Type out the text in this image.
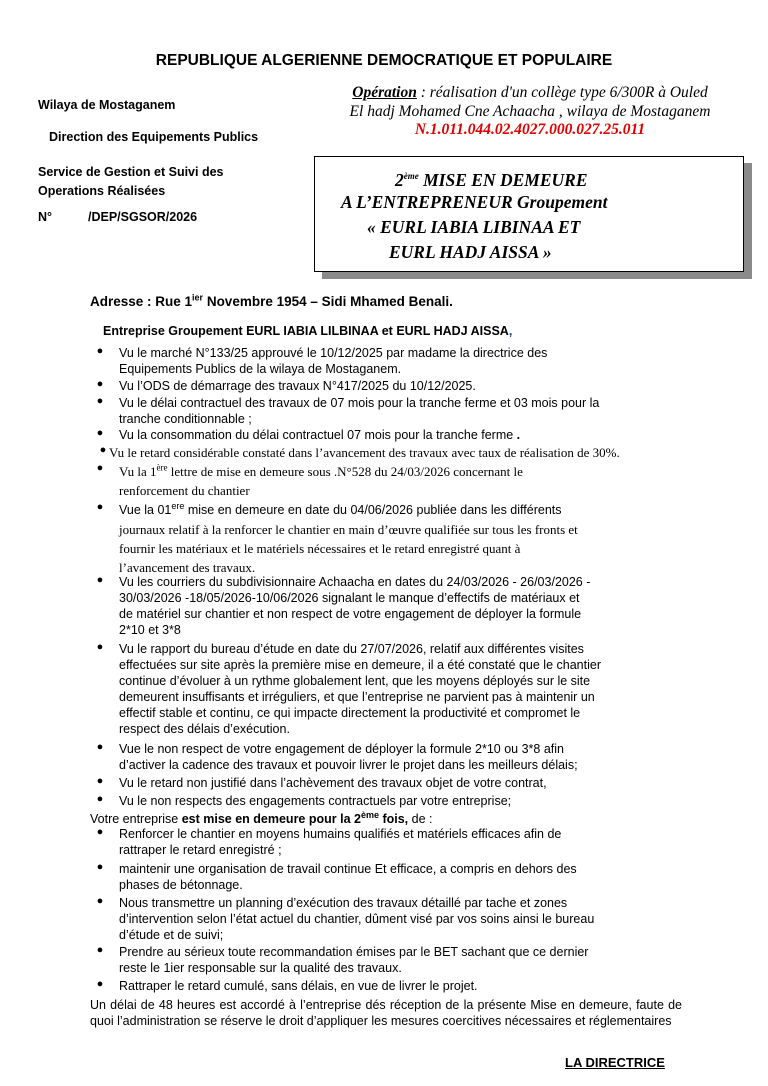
REPUBLIQUE ALGERIENNE DEMOCRATIQUE ET POPULAIRE
Wilaya de Mostaganem
Direction des Equipements Publics
Service de Gestion et Suivi des
Operations Réalisées
N°	/DEP/SGSOR/2026
Opération : réalisation d'un collège type 6/300R à Ouled
El hadj Mohamed Cne Achaacha , wilaya de Mostaganem
N.1.011.044.02.4027.000.027.25.011
2ème MISE EN DEMEURE
A L’ENTREPRENEUR Groupement
« EURL IABIA LIBINAA ET
EURL HADJ AISSA »
Adresse : Rue $1^{ier}$ Novembre 1954 – Sidi Mhamed Benali.
Entreprise Groupement EURL IABIA LILBINAA et EURL HADJ AISSA,
● Vu le marché N°133/25 approuvé le 10/12/2025 par madame la directrice des
Equipements Publics de la wilaya de Mostaganem.
● Vu l’ODS de démarrage des travaux N°417/2025 du 10/12/2025.
● Vu le délai contractuel des travaux de 07 mois pour la tranche ferme et 03 mois pour la
tranche conditionnable ;
● Vu la consommation du délai contractuel 07 mois pour la tranche ferme .
● Vu le retard considérable constaté dans l’avancement des travaux avec taux de réalisation de 30%.
● Vu la 1ère lettre de mise en demeure sous .N°528 du 24/03/2026 concernant le
renforcement du chantier
● Vue la 01ere mise en demeure en date du 04/06/2026 publiée dans les différents
journaux relatif à la renforcer le chantier en main d’œuvre qualifiée sur tous les fronts et
fournir les matériaux et le matériels nécessaires et le retard enregistré quant à
l’avancement des travaux.
● Vu les courriers du subdivisionnaire Achaacha en dates du 24/03/2026 - 26/03/2026 -
30/03/2026 -18/05/2026-10/06/2026 signalant le manque d’effectifs de matériaux et
de matériel sur chantier et non respect de votre engagement de déployer la formule
2*10 et 3*8
● Vu le rapport du bureau d’étude en date du 27/07/2026, relatif aux différentes visites
effectuées sur site après la première mise en demeure, il a été constaté que le chantier
continue d’évoluer à un rythme globalement lent, que les moyens déployés sur le site
demeurent insuffisants et irréguliers, et que l’entreprise ne parvient pas à maintenir un
effectif stable et continu, ce qui impacte directement la productivité et compromet le
respect des délais d’exécution.
● Vue le non respect de votre engagement de déployer la formule 2*10 ou 3*8 afin
d’activer la cadence des travaux et pouvoir livrer le projet dans les meilleurs délais;
● Vu le retard non justifié dans l’achèvement des travaux objet de votre contrat,
● Vu le non respects des engagements contractuels par votre entreprise;
Votre entreprise est mise en demeure pour la 2ème fois, de :
● Renforcer le chantier en moyens humains qualifiés et matériels efficaces afin de
rattraper le retard enregistré ;
● maintenir une organisation de travail continue Et efficace, a compris en dehors des
phases de bétonnage.
● Nous transmettre un planning d’exécution des travaux détaillé par tache et zones
d’intervention selon l’état actuel du chantier, dûment visé par vos soins ainsi le bureau
d’étude et de suivi;
● Prendre au sérieux toute recommandation émises par le BET sachant que ce dernier
reste le 1ier responsable sur la qualité des travaux.
● Rattraper le retard cumulé, sans délais, en vue de livrer le projet.
Un délai de 48 heures est accordé à l’entreprise dés réception de la présente Mise en demeure, faute de quoi l’administration se réserve le droit d’appliquer les mesures coercitives nécessaires et réglementaires
LA DIRECTRICE
